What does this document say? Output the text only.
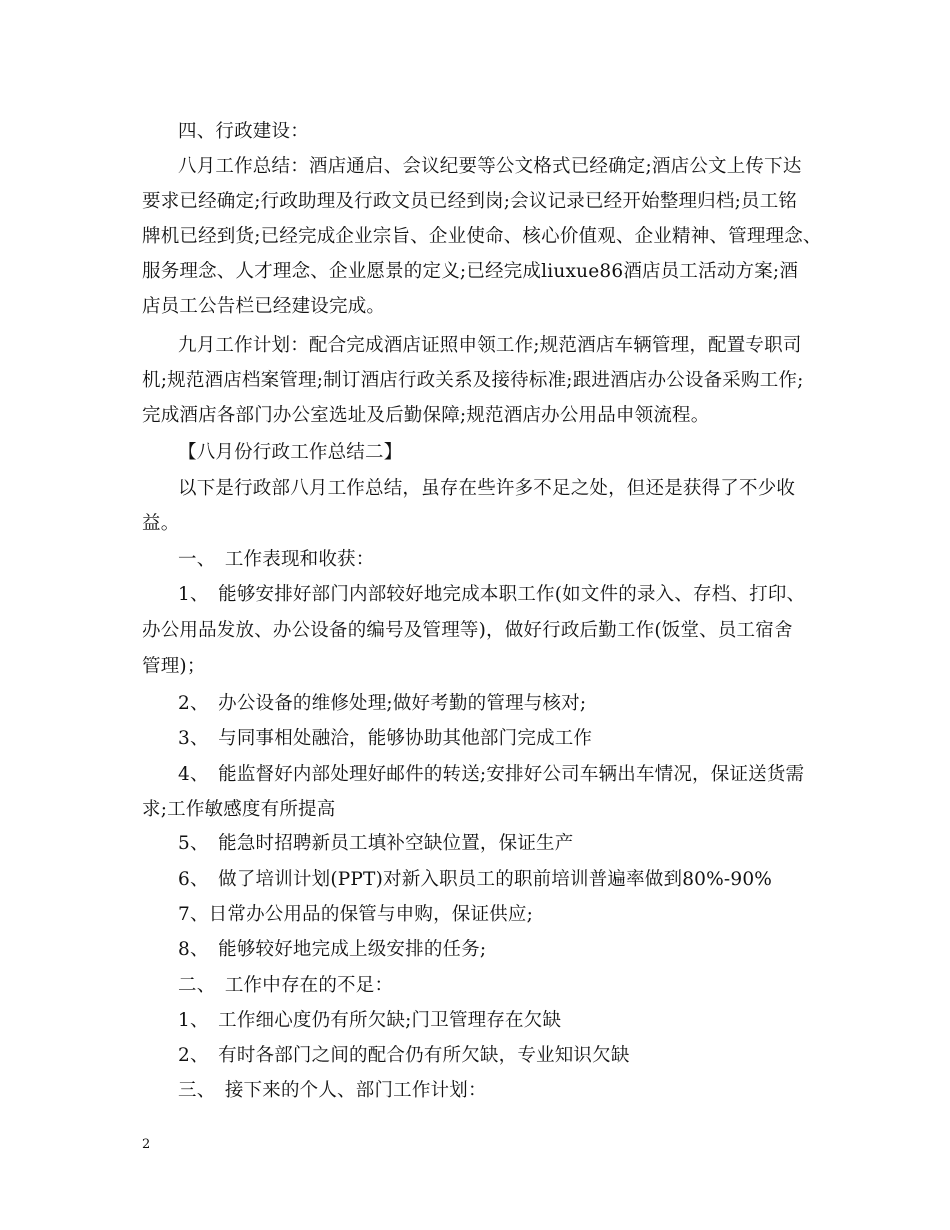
四、行政建设：
八月工作总结：酒店通启、会议纪要等公文格式已经确定;酒店公文上传下达
要求已经确定;行政助理及行政文员已经到岗;会议记录已经开始整理归档;员工铭
牌机已经到货;已经完成企业宗旨、企业使命、核心价值观、企业精神、管理理念、
服务理念、人才理念、企业愿景的定义;已经完成liuxue86酒店员工活动方案;酒
店员工公告栏已经建设完成。
九月工作计划：配合完成酒店证照申领工作;规范酒店车辆管理，配置专职司
机;规范酒店档案管理;制订酒店行政关系及接待标准;跟进酒店办公设备采购工作;
完成酒店各部门办公室选址及后勤保障;规范酒店办公用品申领流程。
【八月份行政工作总结二】
以下是行政部八月工作总结，虽存在些许多不足之处，但还是获得了不少收
益。
一、　工作表现和收获：
1、　能够安排好部门内部较好地完成本职工作(如文件的录入、存档、打印、
办公用品发放、办公设备的编号及管理等)，做好行政后勤工作(饭堂、员工宿舍
管理)；
2、　办公设备的维修处理;做好考勤的管理与核对;
3、　与同事相处融洽，能够协助其他部门完成工作
4、　能监督好内部处理好邮件的转送;安排好公司车辆出车情况，保证送货需
求;工作敏感度有所提高
5、　能急时招聘新员工填补空缺位置，保证生产
6、　做了培训计划(PPT)对新入职员工的职前培训普遍率做到80%-90%
7、日常办公用品的保管与申购，保证供应;
8、　能够较好地完成上级安排的任务;
二、　工作中存在的不足：
1、　工作细心度仍有所欠缺;门卫管理存在欠缺
2、　有时各部门之间的配合仍有所欠缺，专业知识欠缺
三、　接下来的个人、部门工作计划：
2
